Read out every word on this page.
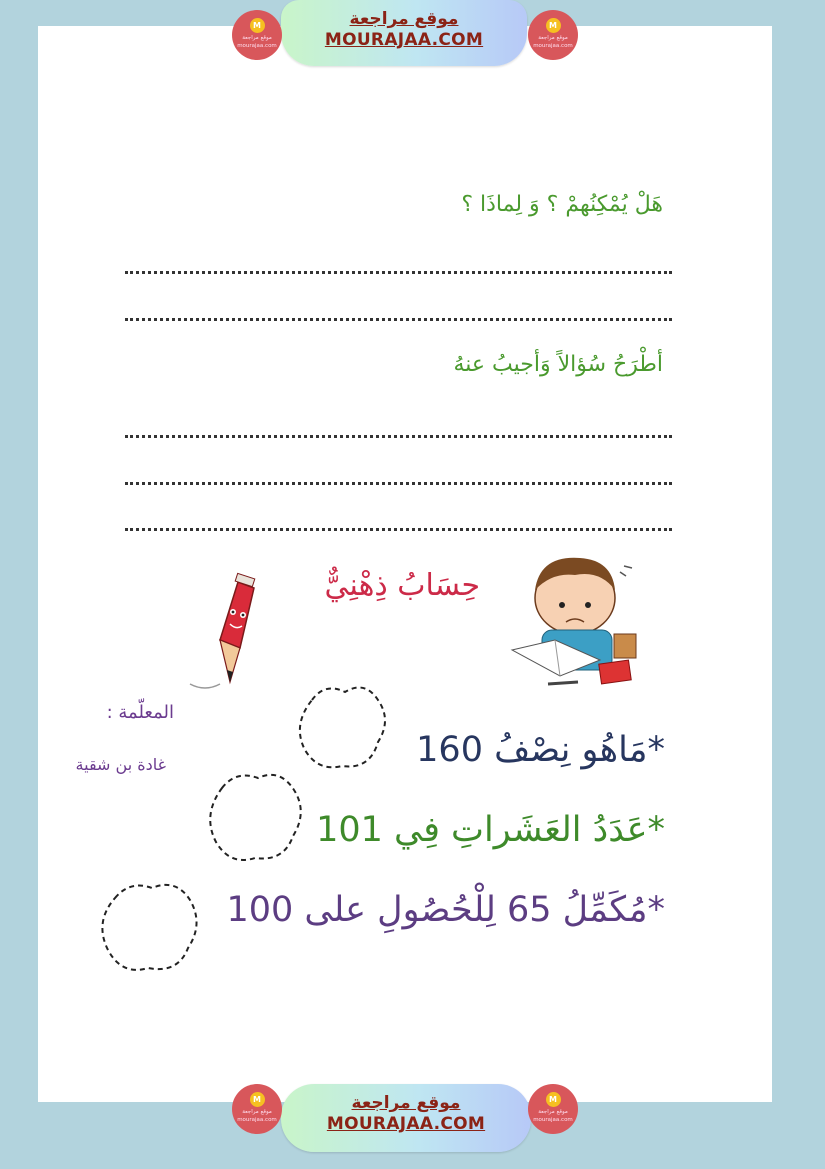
موقع مراجعة
MOURAJAA.COM
M
موقع مراجعة
mourajaa.com
M
موقع مراجعة
mourajaa.com
هَلْ يُمْكِنُهمْ ؟ وَ لِماذَا ؟
أطْرَحُ سُؤالاً وَأجيبُ عنهُ
حِسَابُ ذِهْنِيٌّ
المعلّمة :
غادة بن شقية	*مَاهُو نِصْفُ 160
*عَدَدُ العَشَراتِ فِي 101
*مُكَمِّلُ 65 لِلْحُصُولِ على 100
موقع مراجعة
MOURAJAA.COM
M
موقع مراجعة
mourajaa.com
M
موقع مراجعة
mourajaa.com
